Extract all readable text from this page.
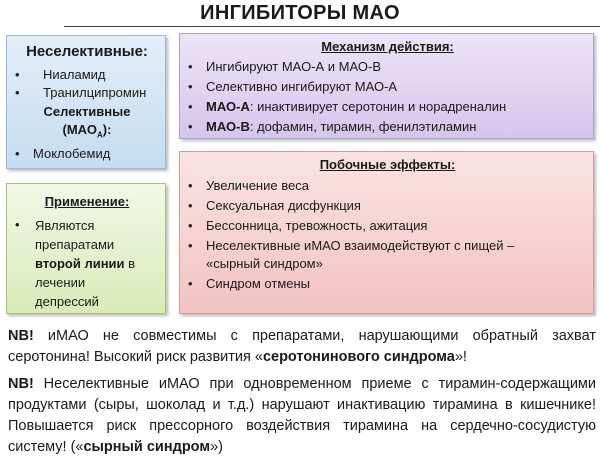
ИНГИБИТОРЫ МАО
Неселективные:
• Ниаламид
• Транилципромин
Селективные
$(МАО_А)$:
• Моклобемид
Механизм действия:
• Ингибируют МАО-А и МАО-В
• Селективно ингибируют МАО-А
• МАО-А: инактивирует серотонин и норадреналин
• МАО-В: дофамин, тирамин, фенилэтиламин
Применение:
• Являются
препаратами
второй линии в
лечении
депрессий
Побочные эффекты:
• Увеличение веса
• Сексуальная дисфункция
• Бессонница, тревожность, ажитация
• Неселективные иМАО взаимодействуют с пищей –
«сырный синдром»
• Синдром отмены
NB! иМАО не совместимы с препаратами, нарушающими обратный захват серотонина! Высокий риск развития «серотонинового синдрома»!
NB! Неселективные иМАО при одновременном приеме с тирамин-содержащими продуктами (сыры, шоколад и т.д.) нарушают инактивацию тирамина в кишечнике! Повышается риск прессорного воздействия тирамина на сердечно-сосудистую систему! («сырный синдром»)
